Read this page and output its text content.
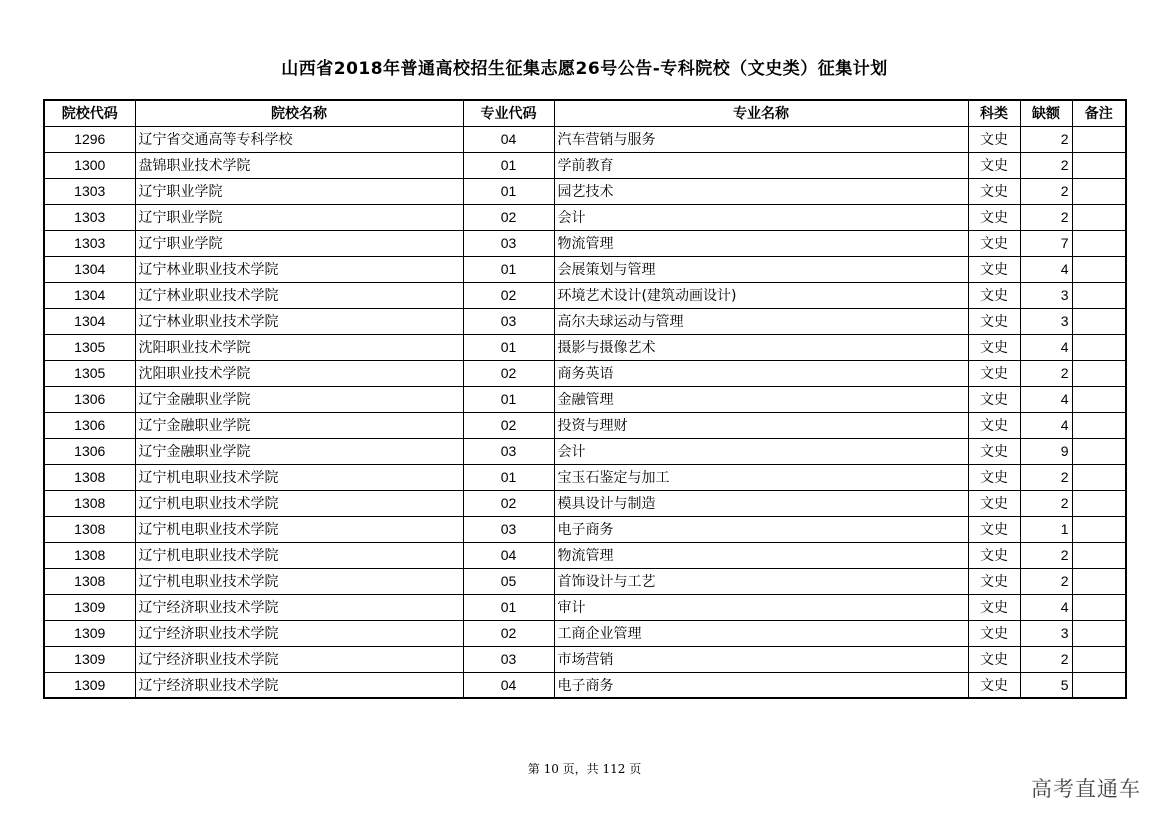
山西省2018年普通高校招生征集志愿26号公告-专科院校（文史类）征集计划
院校代码	院校名称	专业代码	专业名称	科类	缺额	备注
1296	辽宁省交通高等专科学校	04	汽车营销与服务	文史	2	
1300	盘锦职业技术学院	01	学前教育	文史	2	
1303	辽宁职业学院	01	园艺技术	文史	2	
1303	辽宁职业学院	02	会计	文史	2	
1303	辽宁职业学院	03	物流管理	文史	7	
1304	辽宁林业职业技术学院	01	会展策划与管理	文史	4	
1304	辽宁林业职业技术学院	02	环境艺术设计(建筑动画设计)	文史	3	
1304	辽宁林业职业技术学院	03	高尔夫球运动与管理	文史	3	
1305	沈阳职业技术学院	01	摄影与摄像艺术	文史	4	
1305	沈阳职业技术学院	02	商务英语	文史	2	
1306	辽宁金融职业学院	01	金融管理	文史	4	
1306	辽宁金融职业学院	02	投资与理财	文史	4	
1306	辽宁金融职业学院	03	会计	文史	9	
1308	辽宁机电职业技术学院	01	宝玉石鉴定与加工	文史	2	
1308	辽宁机电职业技术学院	02	模具设计与制造	文史	2	
1308	辽宁机电职业技术学院	03	电子商务	文史	1	
1308	辽宁机电职业技术学院	04	物流管理	文史	2	
1308	辽宁机电职业技术学院	05	首饰设计与工艺	文史	2	
1309	辽宁经济职业技术学院	01	审计	文史	4	
1309	辽宁经济职业技术学院	02	工商企业管理	文史	3	
1309	辽宁经济职业技术学院	03	市场营销	文史	2	
1309	辽宁经济职业技术学院	04	电子商务	文史	5	
第 10 页，共 112 页
高考直通车
